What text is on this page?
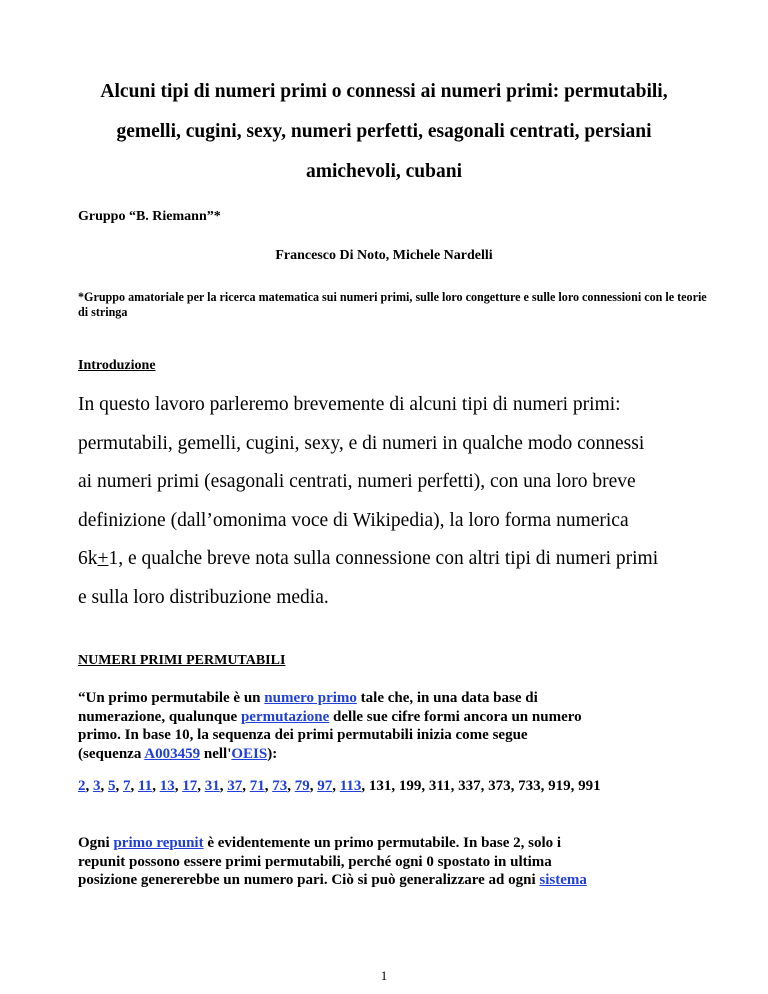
Alcuni tipi di numeri primi o connessi ai numeri primi: permutabili,
gemelli, cugini, sexy, numeri perfetti, esagonali centrati, persiani
amichevoli, cubani
Gruppo “B. Riemann”*
Francesco Di Noto, Michele Nardelli
*Gruppo amatoriale per la ricerca matematica sui numeri primi, sulle loro congetture e sulle loro connessioni con le teorie di stringa
Introduzione
In questo lavoro parleremo brevemente di alcuni tipi di numeri primi:
permutabili, gemelli, cugini, sexy, e di numeri in qualche modo connessi
ai numeri primi (esagonali centrati, numeri perfetti), con una loro breve
definizione (dall’omonima voce di Wikipedia), la loro forma numerica
6k+1, e qualche breve nota sulla connessione con altri tipi di numeri primi
e sulla loro distribuzione media.
NUMERI PRIMI PERMUTABILI
“Un primo permutabile è un numero primo tale che, in una data base di
numerazione, qualunque permutazione delle sue cifre formi ancora un numero
primo. In base 10, la sequenza dei primi permutabili inizia come segue
(sequenza A003459 nell'OEIS):
2, 3, 5, 7, 11, 13, 17, 31, 37, 71, 73, 79, 97, 113, 131, 199, 311, 337, 373, 733, 919, 991
Ogni primo repunit è evidentemente un primo permutabile. In base 2, solo i
repunit possono essere primi permutabili, perché ogni 0 spostato in ultima
posizione genererebbe un numero pari. Ciò si può generalizzare ad ogni sistema
1
